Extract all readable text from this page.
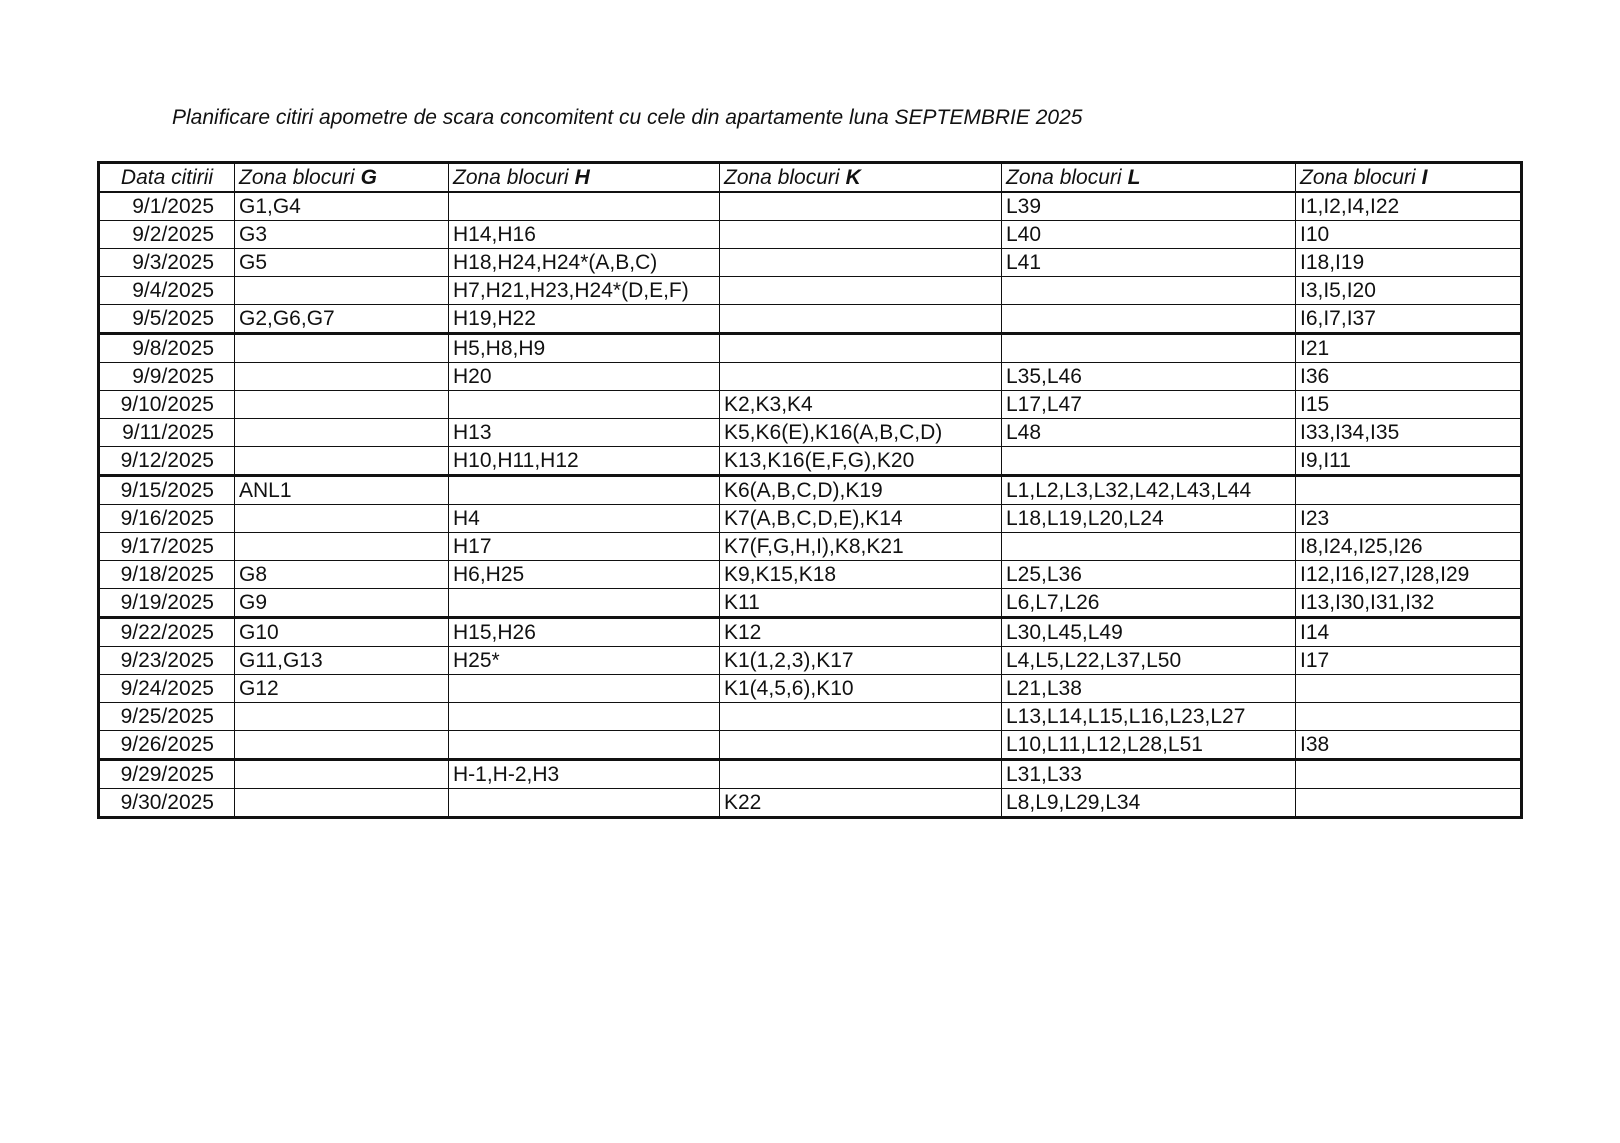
Planificare citiri apometre de scara concomitent cu cele din apartamente luna SEPTEMBRIE 2025
Data citirii	Zona blocuri G	Zona blocuri H	Zona blocuri K	Zona blocuri L	Zona blocuri I
9/1/2025	G1,G4			L39	I1,I2,I4,I22
9/2/2025	G3	H14,H16		L40	I10
9/3/2025	G5	H18,H24,H24*(A,B,C)		L41	I18,I19
9/4/2025		H7,H21,H23,H24*(D,E,F)			I3,I5,I20
9/5/2025	G2,G6,G7	H19,H22			I6,I7,I37
9/8/2025		H5,H8,H9			I21
9/9/2025		H20		L35,L46	I36
9/10/2025			K2,K3,K4	L17,L47	I15
9/11/2025		H13	K5,K6(E),K16(A,B,C,D)	L48	I33,I34,I35
9/12/2025		H10,H11,H12	K13,K16(E,F,G),K20		I9,I11
9/15/2025	ANL1		K6(A,B,C,D),K19	L1,L2,L3,L32,L42,L43,L44	
9/16/2025		H4	K7(A,B,C,D,E),K14	L18,L19,L20,L24	I23
9/17/2025		H17	K7(F,G,H,I),K8,K21		I8,I24,I25,I26
9/18/2025	G8	H6,H25	K9,K15,K18	L25,L36	I12,I16,I27,I28,I29
9/19/2025	G9		K11	L6,L7,L26	I13,I30,I31,I32
9/22/2025	G10	H15,H26	K12	L30,L45,L49	I14
9/23/2025	G11,G13	H25*	K1(1,2,3),K17	L4,L5,L22,L37,L50	I17
9/24/2025	G12		K1(4,5,6),K10	L21,L38	
9/25/2025				L13,L14,L15,L16,L23,L27	
9/26/2025				L10,L11,L12,L28,L51	I38
9/29/2025		H-1,H-2,H3		L31,L33	
9/30/2025			K22	L8,L9,L29,L34	
